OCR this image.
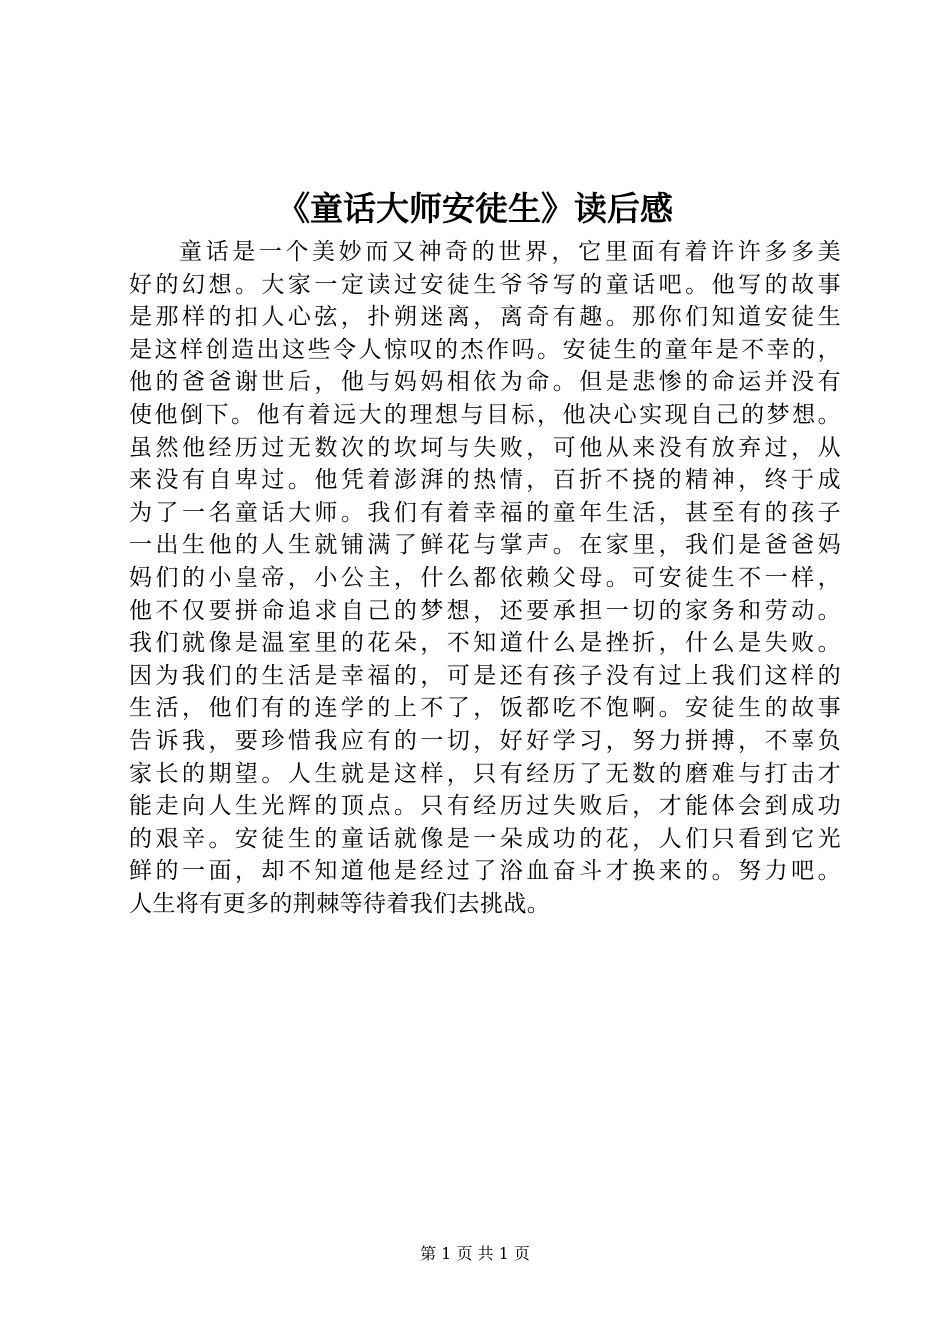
《童话大师安徒生》读后感
童话是一个美妙而又神奇的世界，它里面有着许许多多美
好的幻想。大家一定读过安徒生爷爷写的童话吧。他写的故事
是那样的扣人心弦，扑朔迷离，离奇有趣。那你们知道安徒生
是这样创造出这些令人惊叹的杰作吗。安徒生的童年是不幸的，
他的爸爸谢世后，他与妈妈相依为命。但是悲惨的命运并没有
使他倒下。他有着远大的理想与目标，他决心实现自己的梦想。
虽然他经历过无数次的坎坷与失败，可他从来没有放弃过，从
来没有自卑过。他凭着澎湃的热情，百折不挠的精神，终于成
为了一名童话大师。我们有着幸福的童年生活，甚至有的孩子
一出生他的人生就铺满了鲜花与掌声。在家里，我们是爸爸妈
妈们的小皇帝，小公主，什么都依赖父母。可安徒生不一样，
他不仅要拼命追求自己的梦想，还要承担一切的家务和劳动。
我们就像是温室里的花朵，不知道什么是挫折，什么是失败。
因为我们的生活是幸福的，可是还有孩子没有过上我们这样的
生活，他们有的连学的上不了，饭都吃不饱啊。安徒生的故事
告诉我，要珍惜我应有的一切，好好学习，努力拼搏，不辜负
家长的期望。人生就是这样，只有经历了无数的磨难与打击才
能走向人生光辉的顶点。只有经历过失败后，才能体会到成功
的艰辛。安徒生的童话就像是一朵成功的花，人们只看到它光
鲜的一面，却不知道他是经过了浴血奋斗才换来的。努力吧。
人生将有更多的荆棘等待着我们去挑战。
第 1 页 共 1 页
